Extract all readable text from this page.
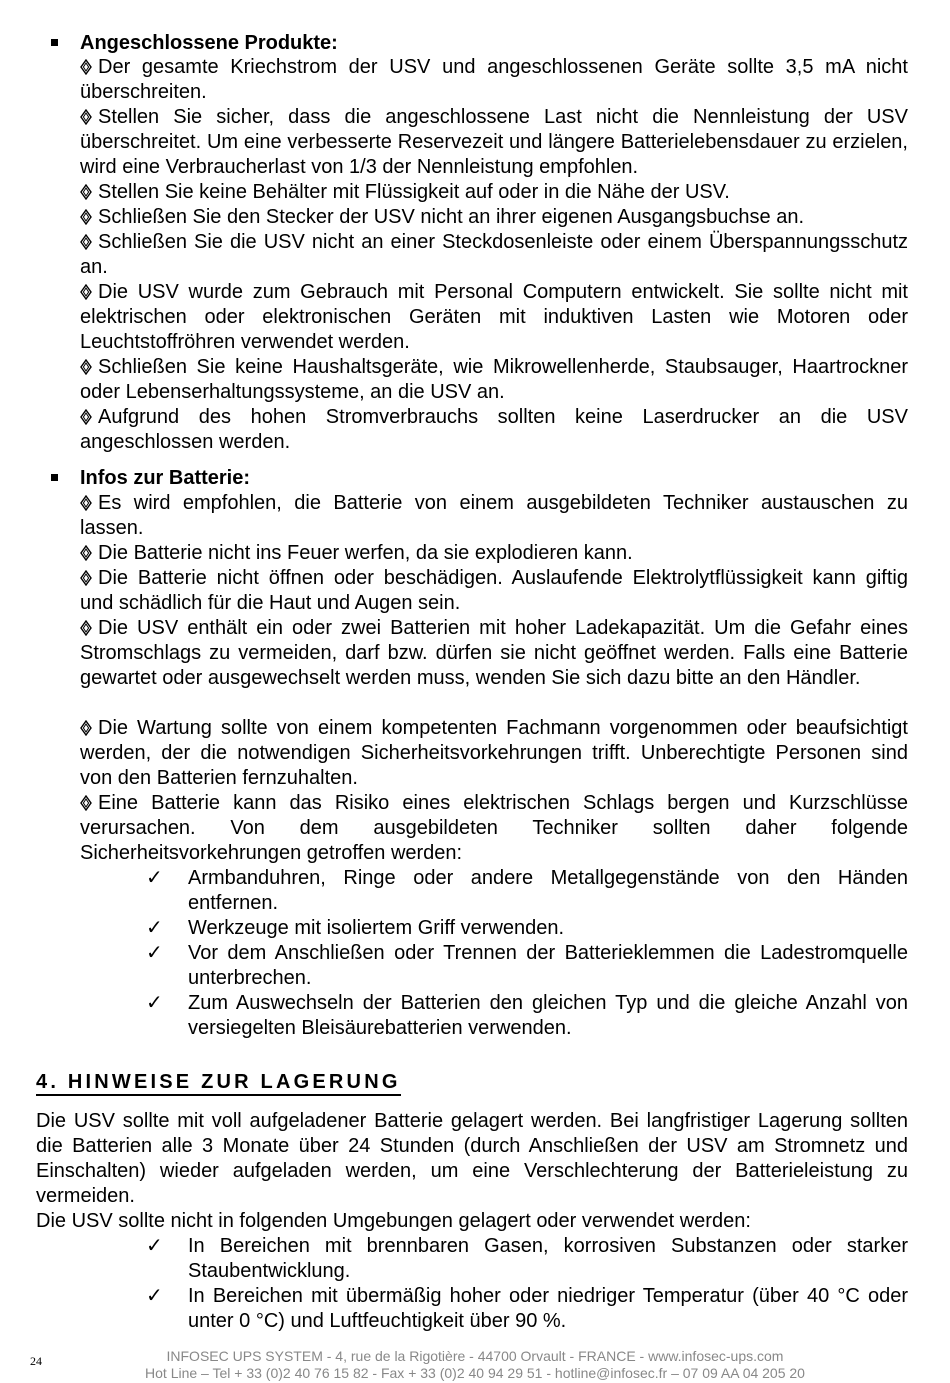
Angeschlossene Produkte:

Der gesamte Kriechstrom der USV und angeschlossenen Geräte sollte 3,5 mA nicht überschreiten.

Stellen Sie sicher, dass die angeschlossene Last nicht die Nennleistung der USV überschreitet. Um eine verbesserte Reservezeit und längere Batterielebensdauer zu erzielen, wird eine Verbraucherlast von 1/3 der Nennleistung empfohlen.

Stellen Sie keine Behälter mit Flüssigkeit auf oder in die Nähe der USV.

Schließen Sie den Stecker der USV nicht an ihrer eigenen Ausgangsbuchse an.

Schließen Sie die USV nicht an einer Steckdosenleiste oder einem Überspannungsschutz an.

Die USV wurde zum Gebrauch mit Personal Computern entwickelt. Sie sollte nicht mit elektrischen oder elektronischen Geräten mit induktiven Lasten wie Motoren oder Leuchtstoffröhren verwendet werden.

Schließen Sie keine Haushaltsgeräte, wie Mikrowellenherde, Staubsauger, Haartrockner oder Lebenserhaltungssysteme, an die USV an.

Aufgrund des hohen Stromverbrauchs sollten keine Laserdrucker an die USV angeschlossen werden.

Infos zur Batterie:

Es wird empfohlen, die Batterie von einem ausgebildeten Techniker austauschen zu lassen.

Die Batterie nicht ins Feuer werfen, da sie explodieren kann.

Die Batterie nicht öffnen oder beschädigen. Auslaufende Elektrolytflüssigkeit kann giftig und schädlich für die Haut und Augen sein.

Die USV enthält ein oder zwei Batterien mit hoher Ladekapazität. Um die Gefahr eines Stromschlags zu vermeiden, darf bzw. dürfen sie nicht geöffnet werden. Falls eine Batterie gewartet oder ausgewechselt werden muss, wenden Sie sich dazu bitte an den Händler.

Die Wartung sollte von einem kompetenten Fachmann vorgenommen oder beaufsichtigt werden, der die notwendigen Sicherheitsvorkehrungen trifft. Unberechtigte Personen sind von den Batterien fernzuhalten.

Eine Batterie kann das Risiko eines elektrischen Schlags bergen und Kurzschlüsse verursachen. Von dem ausgebildeten Techniker sollten daher folgende Sicherheitsvorkehrungen getroffen werden:

✓ Armbanduhren, Ringe oder andere Metallgegenstände von den Händen entfernen.
✓ Werkzeuge mit isoliertem Griff verwenden.
✓ Vor dem Anschließen oder Trennen der Batterieklemmen die Ladestromquelle unterbrechen.
✓ Zum Auswechseln der Batterien den gleichen Typ und die gleiche Anzahl von versiegelten Bleisäurebatterien verwenden.
4. HINWEISE ZUR LAGERUNG

Die USV sollte mit voll aufgeladener Batterie gelagert werden. Bei langfristiger Lagerung sollten die Batterien alle 3 Monate über 24 Stunden (durch Anschließen der USV am Stromnetz und Einschalten) wieder aufgeladen werden, um eine Verschlechterung der Batterieleistung zu vermeiden.

Die USV sollte nicht in folgenden Umgebungen gelagert oder verwendet werden:

✓ In Bereichen mit brennbaren Gasen, korrosiven Substanzen oder starker Staubentwicklung.
✓ In Bereichen mit übermäßig hoher oder niedriger Temperatur (über 40 °C oder unter 0 °C) und Luftfeuchtigkeit über 90 %.
24	INFOSEC UPS SYSTEM - 4, rue de la Rigotière - 44700 Orvault - FRANCE - www.infosec-ups.com
Hot Line – Tel + 33 (0)2 40 76 15 82 - Fax + 33 (0)2 40 94 29 51 - hotline@infosec.fr – 07 09 AA 04 205 20
